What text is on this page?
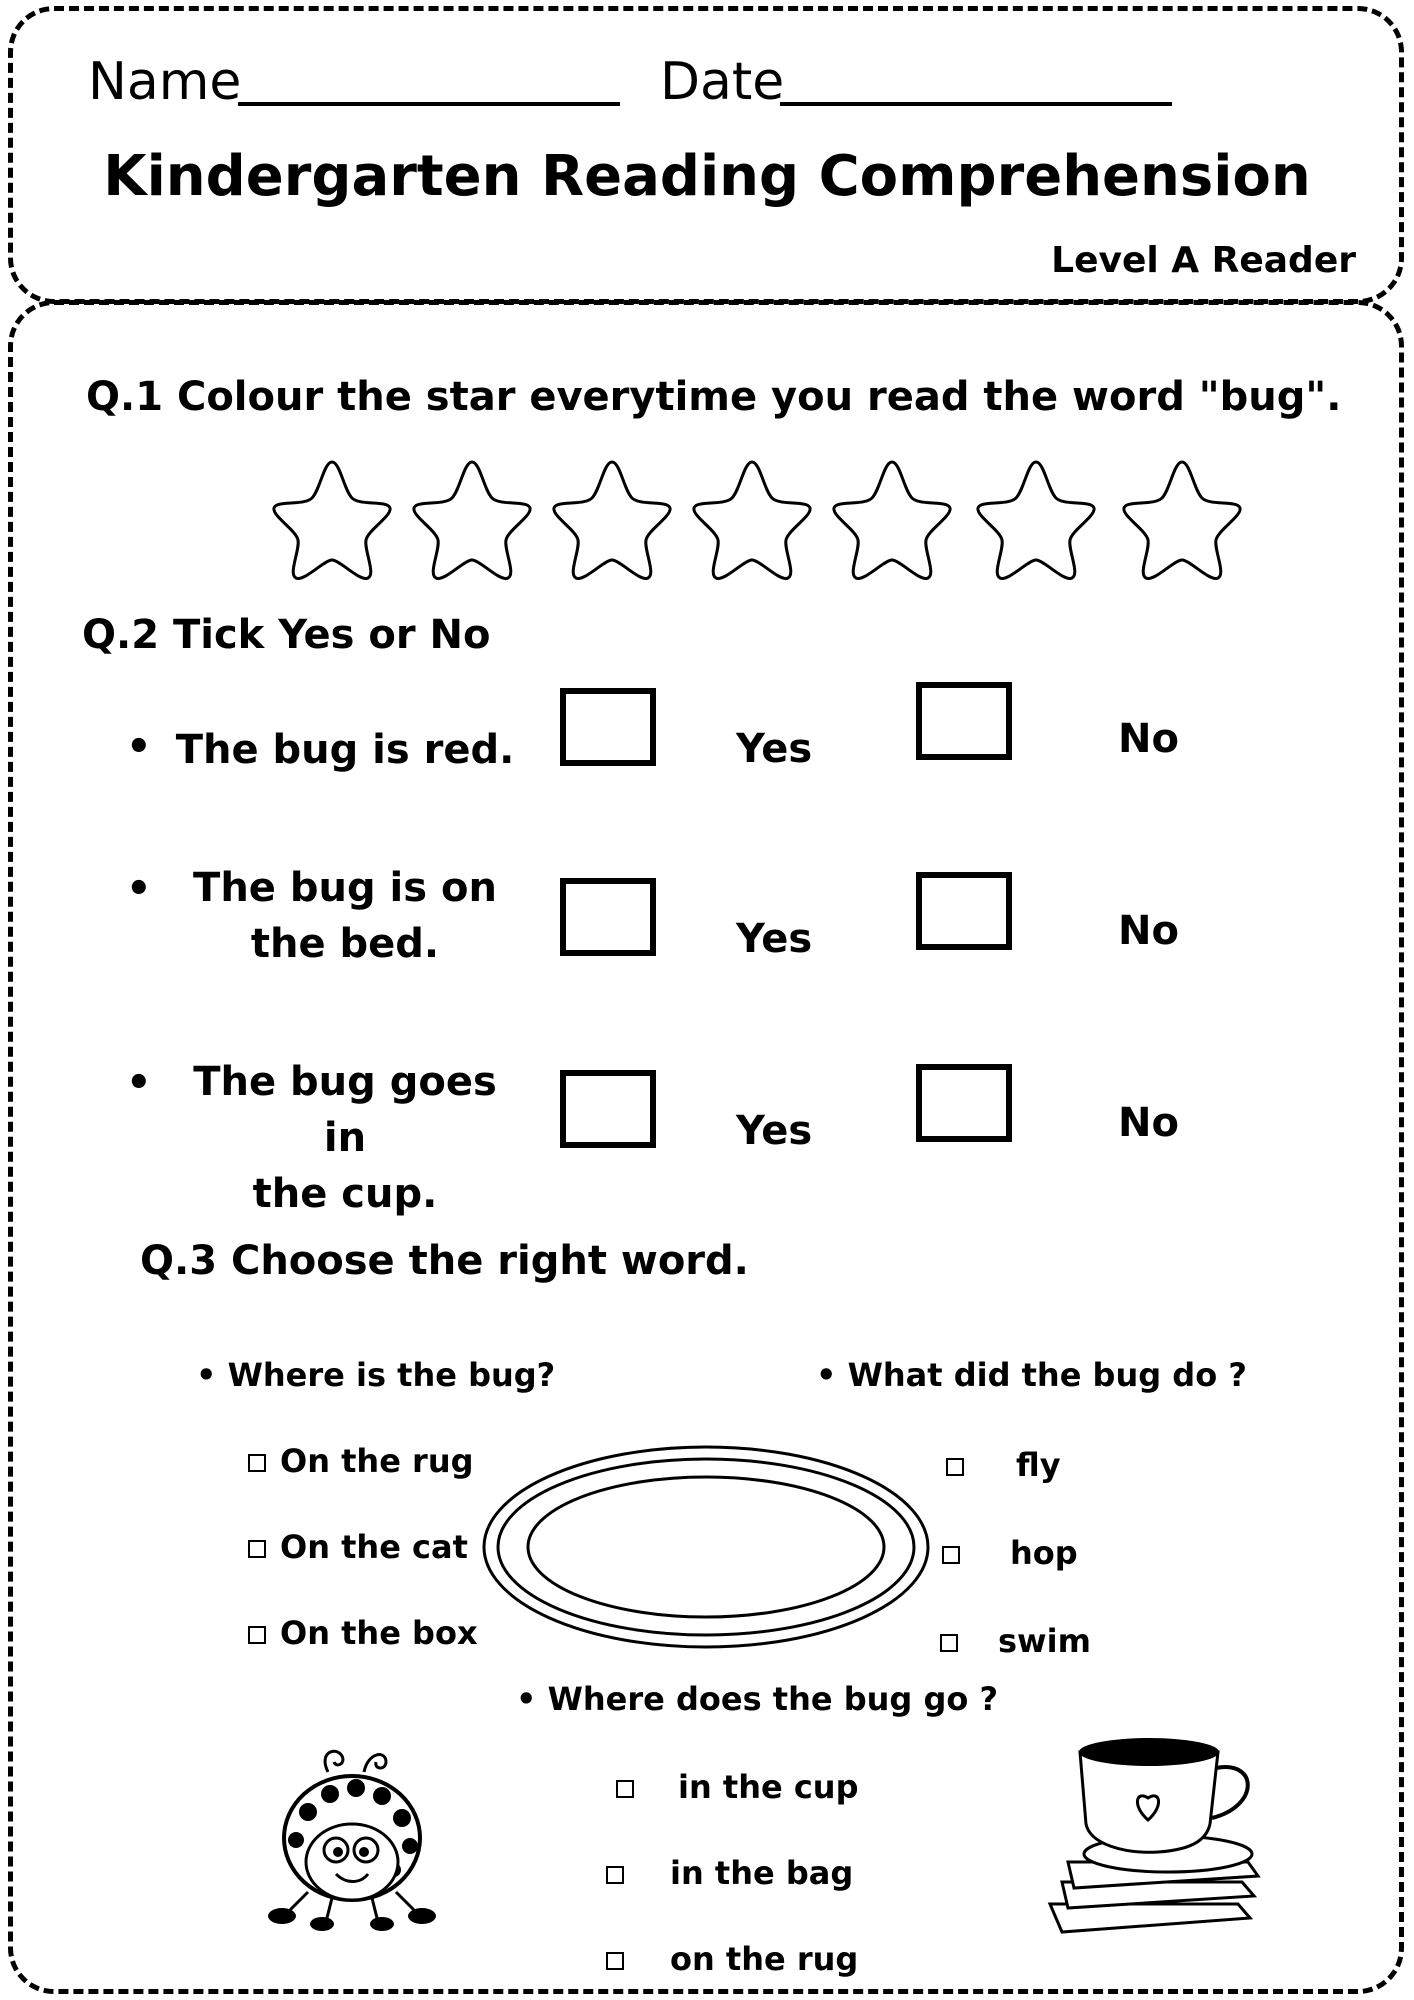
Name	Date
Kindergarten Reading Comprehension
Level A Reader
Q.1 Colour the star everytime you read the word "bug".
Q.2 Tick Yes or No
• The bug is red.	Yes	No
•	The bug is on
the bed.	Yes	No
•	The bug goes in
the cup.
Yes	No
Q.3 Choose the right word.
• Where is the bug?
On the rug
On the cat
On the box
• What did the bug do ?
fly
hop
swim
• Where does the bug go ?
in the cup
in the bag
on the rug
